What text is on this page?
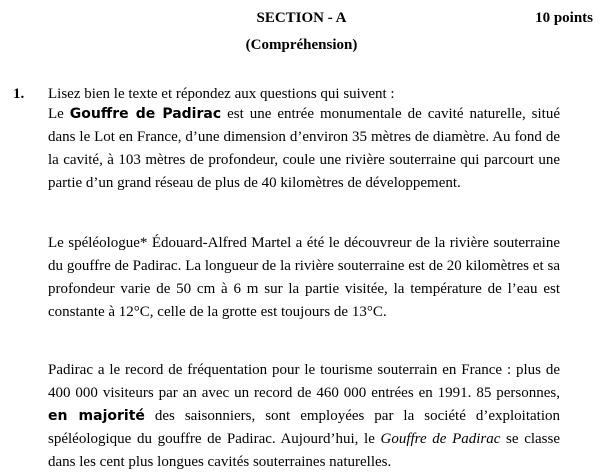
SECTION - A	10 points
(Compréhension)
1. Lisez bien le texte et répondez aux questions qui suivent :

Le Gouffre de Padirac est une entrée monumentale de cavité naturelle, situé dans le Lot en France, d’une dimension d’environ 35 mètres de diamètre. Au fond de la cavité, à 103 mètres de profondeur, coule une rivière souterraine qui parcourt une partie d’un grand réseau de plus de 40 kilomètres de développement.

Le spéléologue* Édouard-Alfred Martel a été le découvreur de la rivière souterraine du gouffre de Padirac. La longueur de la rivière souterraine est de 20 kilomètres et sa profondeur varie de 50 cm à 6 m sur la partie visitée, la température de l’eau est constante à 12°C, celle de la grotte est toujours de 13°C.

Padirac a le record de fréquentation pour le tourisme souterrain en France : plus de 400 000 visiteurs par an avec un record de 460 000 entrées en 1991. 85 personnes, en majorité des saisonniers, sont employées par la société d’exploitation spéléologique du gouffre de Padirac. Aujourd’hui, le Gouffre de Padirac se classe dans les cent plus longues cavités souterraines naturelles.
